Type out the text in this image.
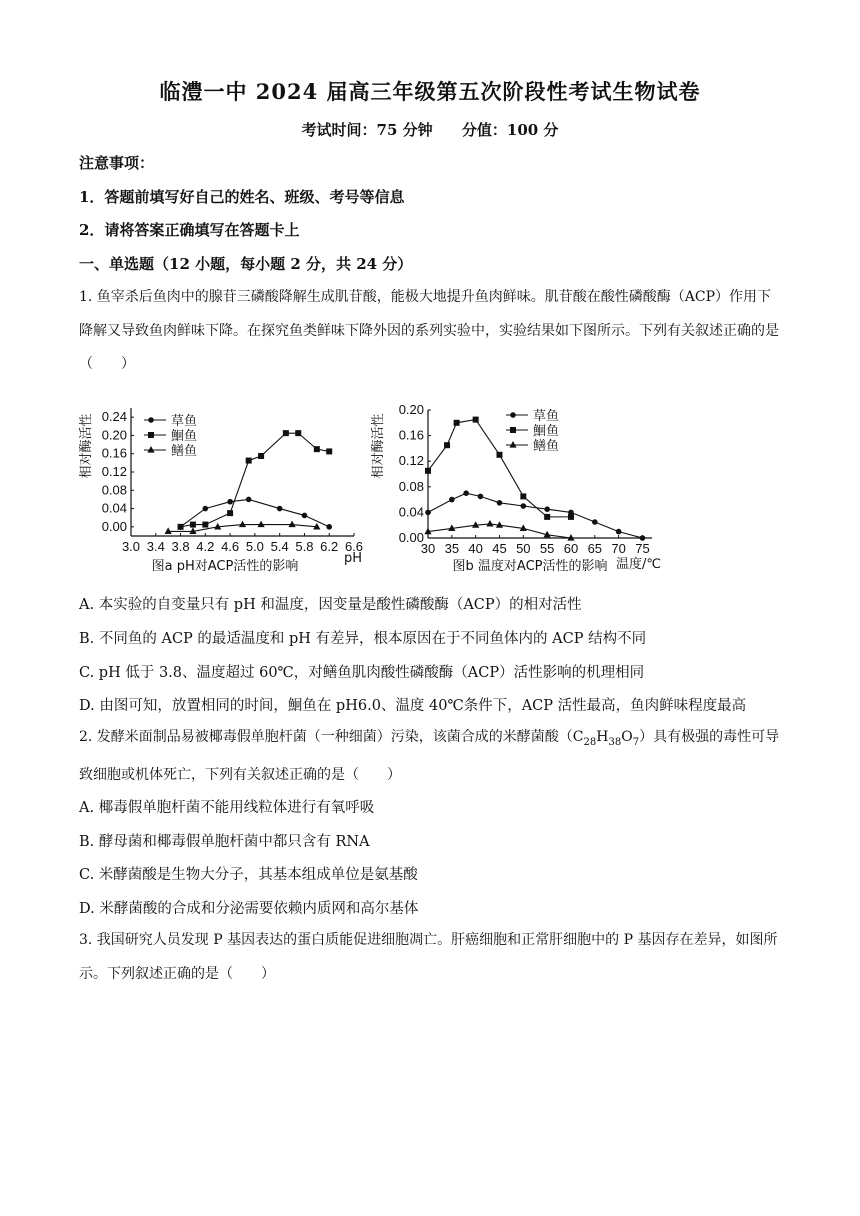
临澧一中 2024 届高三年级第五次阶段性考试生物试卷
考试时间：75 分钟 分值：100 分
注意事项：
1．答题前填写好自己的姓名、班级、考号等信息
2．请将答案正确填写在答题卡上
一、单选题（12 小题，每小题 2 分，共 24 分）
1. 鱼宰杀后鱼肉中的腺苷三磷酸降解生成肌苷酸，能极大地提升鱼肉鲜味。肌苷酸在酸性磷酸酶（ACP）作用下降解又导致鱼肉鲜味下降。在探究鱼类鲜味下降外因的系列实验中，实验结果如下图所示。下列有关叙述正确的是（　　）
3.0 3.4 3.8 4.2 4.6 5.0 5.4 5.8 6.2 6.6
0.00
0.04
0.08
0.12
0.16
0.20
0.24
相对酶活性
pH
图a pH对ACP活性的影响
草鱼
鮰鱼
鳝鱼
30 35 40 45 50 55 60 65 70 75
0.00
0.04
0.08
0.12
0.16
0.20
相对酶活性
温度/℃
图b 温度对ACP活性的影响
草鱼
鮰鱼
鳝鱼
A. 本实验的自变量只有 pH 和温度，因变量是酸性磷酸酶（ACP）的相对活性
B. 不同鱼的 ACP 的最适温度和 pH 有差异，根本原因在于不同鱼体内的 ACP 结构不同
C. pH 低于 3.8、温度超过 60℃，对鳝鱼肌肉酸性磷酸酶（ACP）活性影响的机理相同
D. 由图可知，放置相同的时间，鮰鱼在 pH6.0、温度 40℃条件下，ACP 活性最高，鱼肉鲜味程度最高
2. 发酵米面制品易被椰毒假单胞杆菌（一种细菌）污染，该菌合成的米酵菌酸$(C_{28}H_{38}O_7)$具有极强的毒性可导致细胞或机体死亡，下列有关叙述正确的是（　　）
A. 椰毒假单胞杆菌不能用线粒体进行有氧呼吸
B. 酵母菌和椰毒假单胞杆菌中都只含有 RNA
C. 米酵菌酸是生物大分子，其基本组成单位是氨基酸
D. 米酵菌酸的合成和分泌需要依赖内质网和高尔基体
3. 我国研究人员发现 P 基因表达的蛋白质能促进细胞凋亡。肝癌细胞和正常肝细胞中的 P 基因存在差异，如图所示。下列叙述正确的是（　　）
